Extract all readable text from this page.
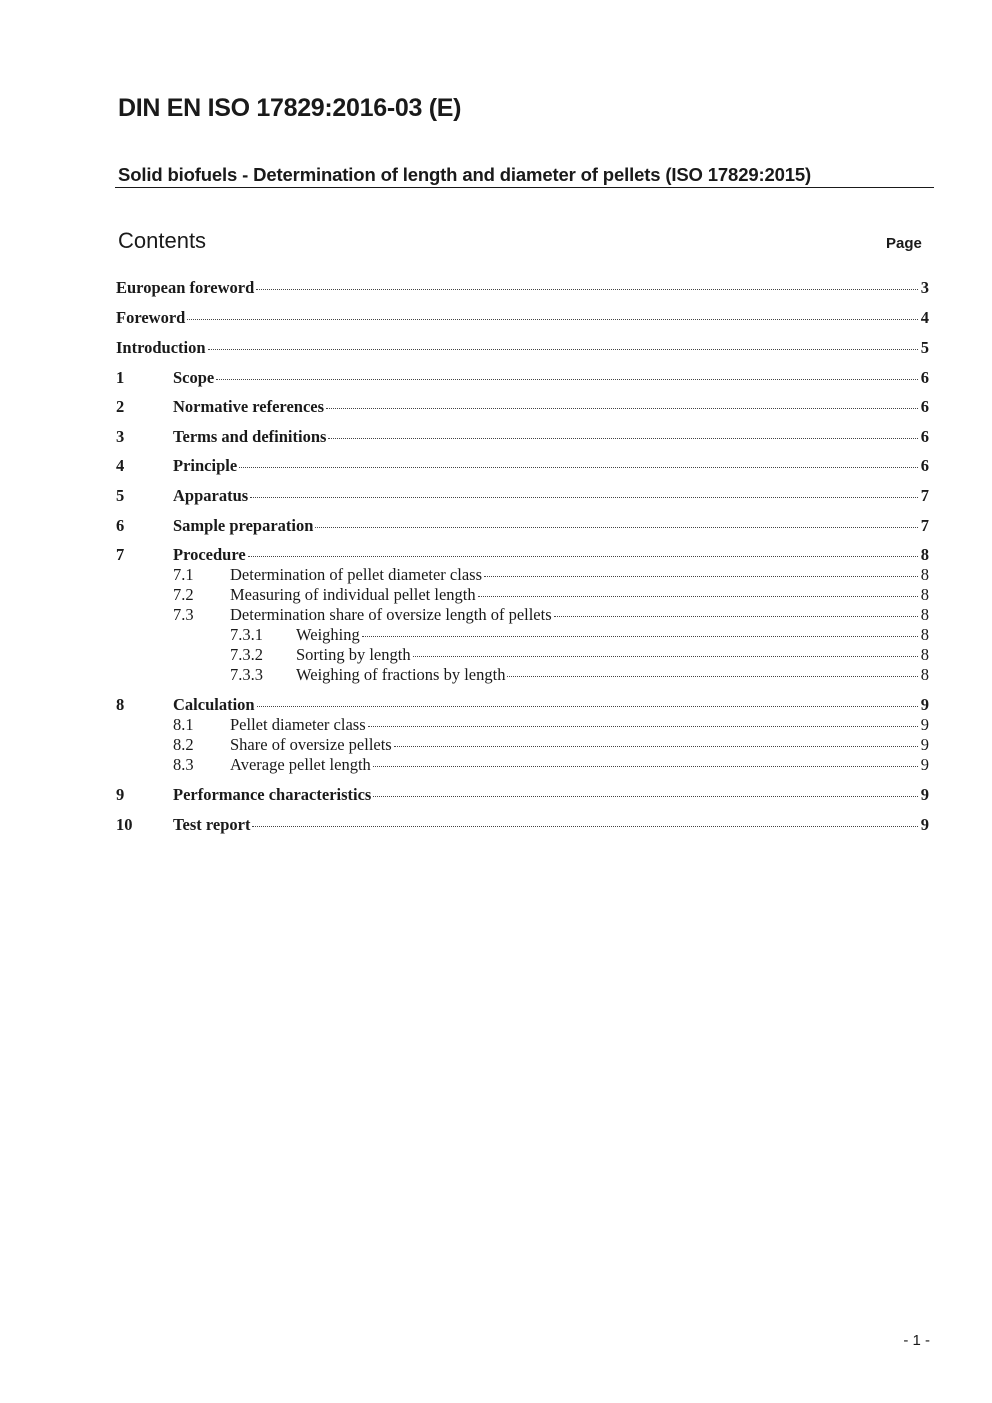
DIN EN ISO 17829:2016-03 (E)
Solid biofuels - Determination of length and diameter of pellets (ISO 17829:2015)
Contents	Page
European foreword	3
Foreword	4
Introduction	5
1	Scope	6
2	Normative references	6
3	Terms and definitions	6
4	Principle	6
5	Apparatus	7
6	Sample preparation	7
7	Procedure	8
7.1 Determination of pellet diameter class	8
7.2 Measuring of individual pellet length	8
7.3 Determination share of oversize length of pellets	8
7.3.1 Weighing	8
7.3.2 Sorting by length	8
7.3.3 Weighing of fractions by length	8
8	Calculation	9
8.1 Pellet diameter class	9
8.2 Share of oversize pellets	9
8.3 Average pellet length	9
9	Performance characteristics	9
10 Test report	9
- 1 -
